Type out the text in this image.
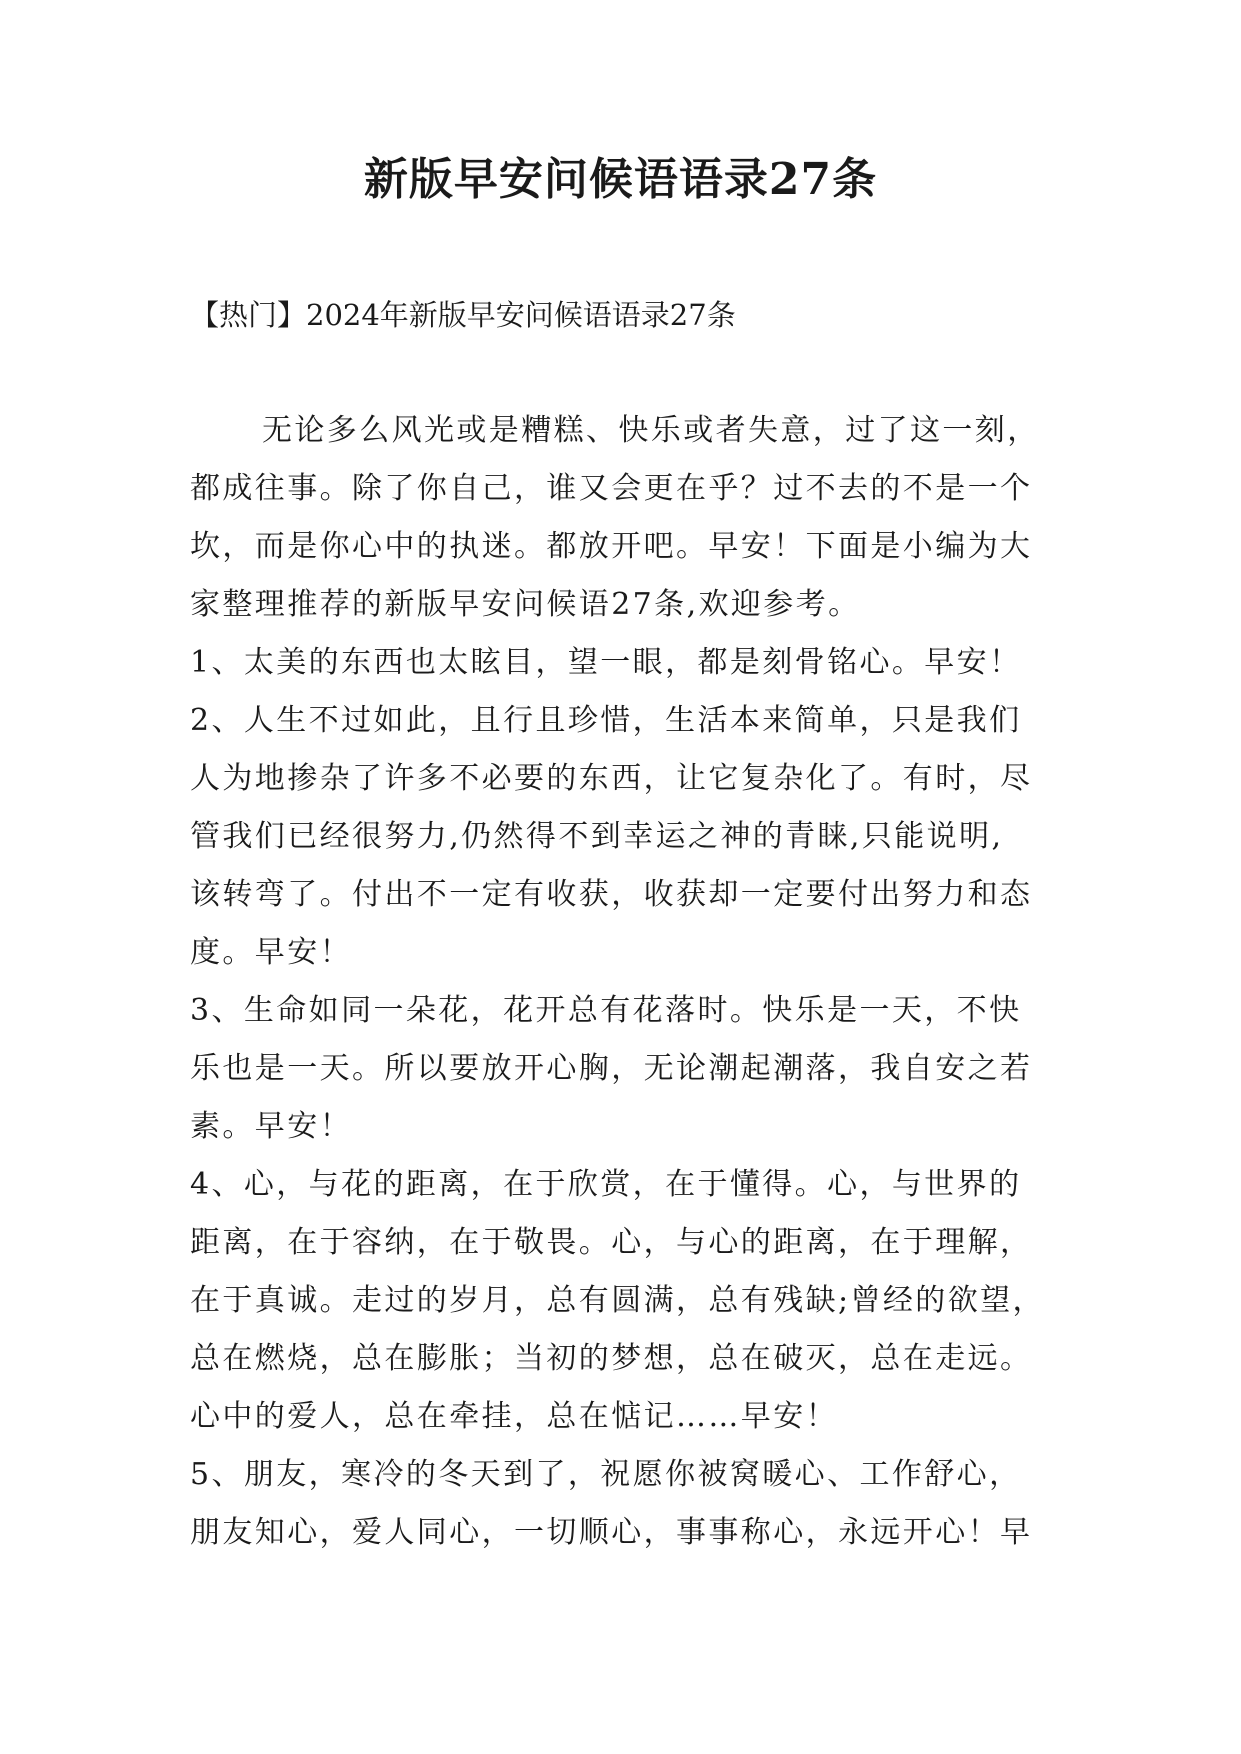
新版早安问候语语录27条

【热门】2024年新版早安问候语语录27条

无论多么风光或是糟糕、快乐或者失意，过了这一刻，
都成往事。除了你自己，谁又会更在乎？过不去的不是一个
坎，而是你心中的执迷。都放开吧。早安！下面是小编为大
家整理推荐的新版早安问候语27条,欢迎参考。
1、太美的东西也太眩目，望一眼，都是刻骨铭心。早安！
2、人生不过如此，且行且珍惜，生活本来简单，只是我们
人为地掺杂了许多不必要的东西，让它复杂化了。有时，尽
管我们已经很努力,仍然得不到幸运之神的青睐,只能说明,
该转弯了。付出不一定有收获，收获却一定要付出努力和态
度。早安！
3、生命如同一朵花，花开总有花落时。快乐是一天，不快
乐也是一天。所以要放开心胸，无论潮起潮落，我自安之若
素。早安！
4、心，与花的距离，在于欣赏，在于懂得。心，与世界的
距离，在于容纳，在于敬畏。心，与心的距离，在于理解，
在于真诚。走过的岁月，总有圆满，总有残缺;曾经的欲望，
总在燃烧，总在膨胀；当初的梦想，总在破灭，总在走远。
心中的爱人，总在牵挂，总在惦记……早安！
5、朋友，寒冷的冬天到了，祝愿你被窝暖心、工作舒心，
朋友知心，爱人同心，一切顺心，事事称心，永远开心！早
